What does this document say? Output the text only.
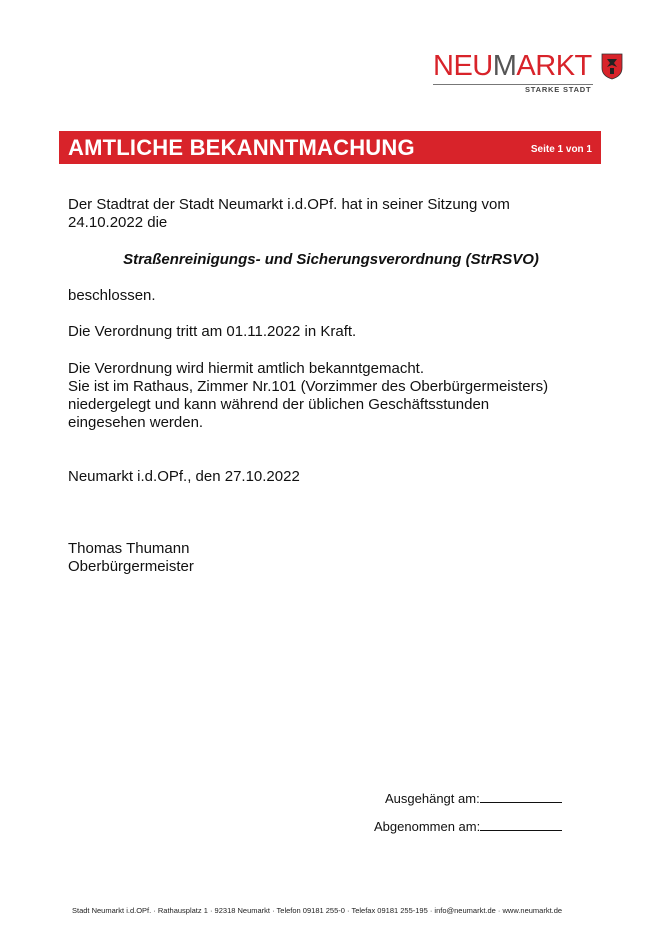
NEUMARKT
STARKE STADT
AMTLICHE BEKANNTMACHUNG	Seite 1 von 1
Der Stadtrat der Stadt Neumarkt i.d.OPf. hat in seiner Sitzung vom
24.10.2022 die
Straßenreinigungs- und Sicherungsverordnung (StrRSVO)
beschlossen.
Die Verordnung tritt am 01.11.2022 in Kraft.
Die Verordnung wird hiermit amtlich bekanntgemacht.
Sie ist im Rathaus, Zimmer Nr.101 (Vorzimmer des Oberbürgermeisters)
niedergelegt und kann während der üblichen Geschäftsstunden
eingesehen werden.
Neumarkt i.d.OPf., den 27.10.2022
Thomas Thumann
Oberbürgermeister
Ausgehängt am:
Abgenommen am:
Stadt Neumarkt i.d.OPf. · Rathausplatz 1 · 92318 Neumarkt · Telefon 09181 255-0 · Telefax 09181 255-195 · info@neumarkt.de · www.neumarkt.de
